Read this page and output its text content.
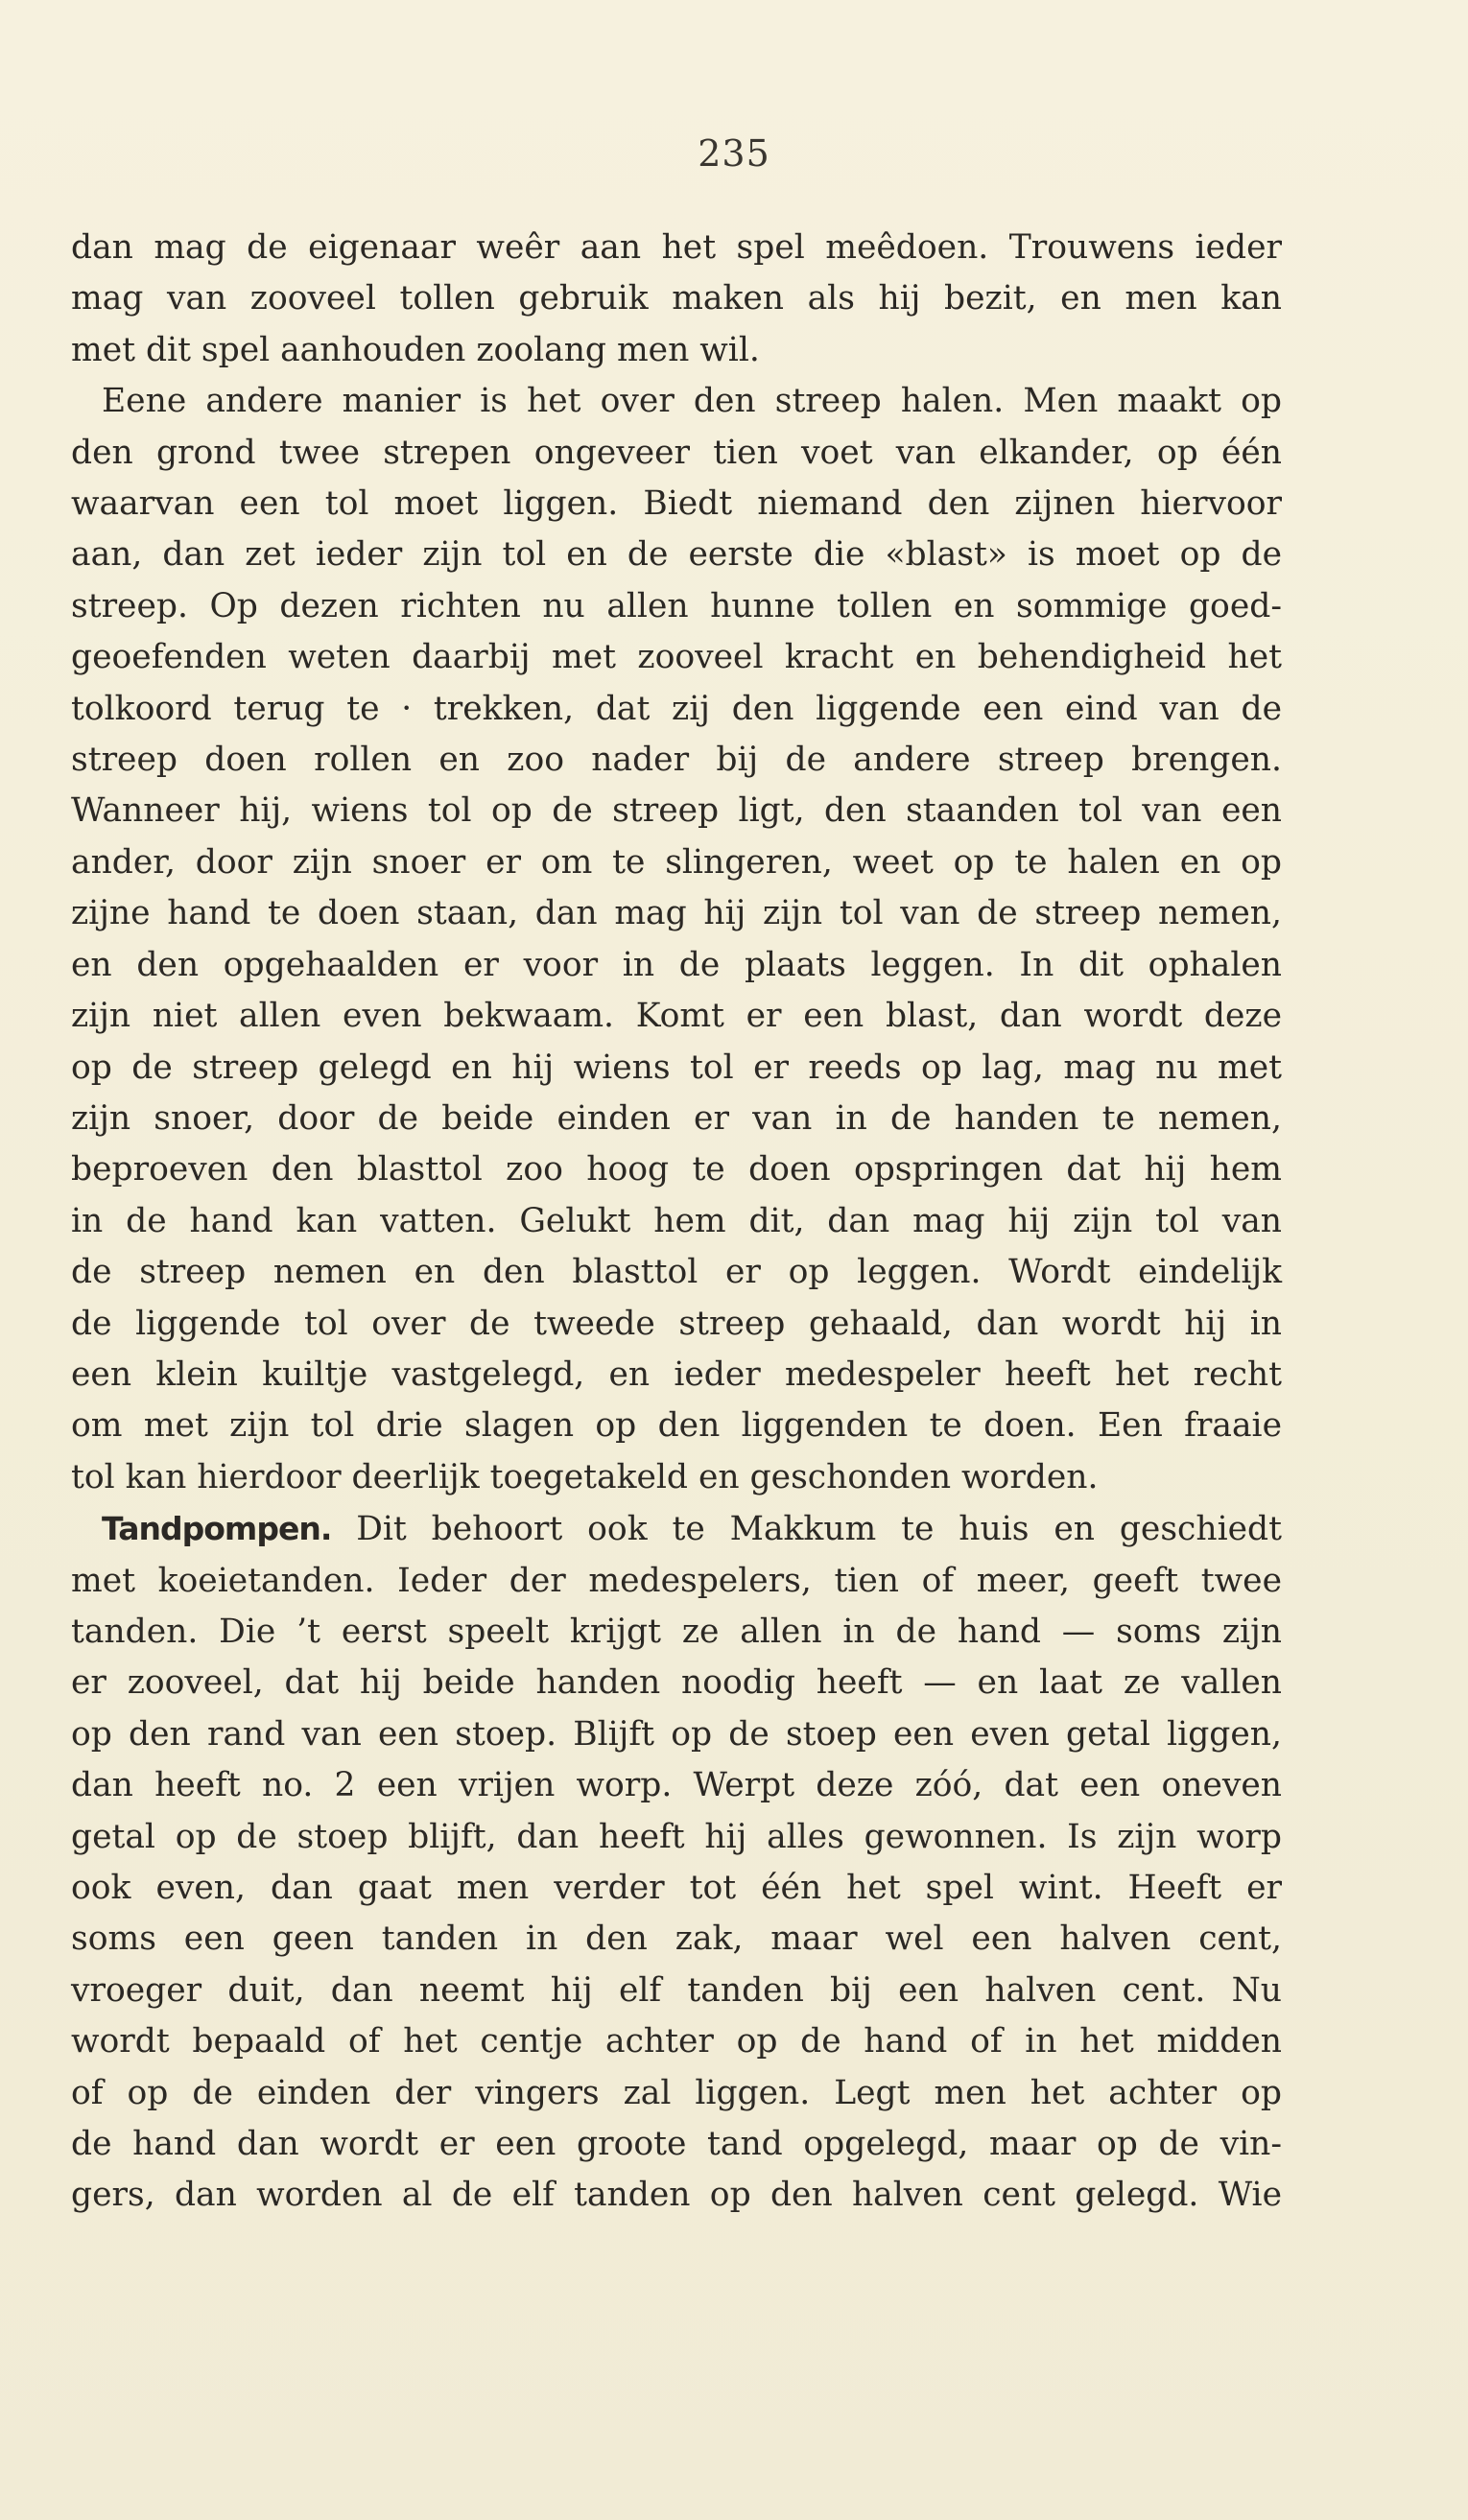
235
dan mag de eigenaar weêr aan het spel meêdoen. Trouwens ieder
mag van zooveel tollen gebruik maken als hij bezit, en men kan
met dit spel aanhouden zoolang men wil.
Eene andere manier is het over den streep halen. Men maakt op
den grond twee strepen ongeveer tien voet van elkander, op één
waarvan een tol moet liggen. Biedt niemand den zijnen hiervoor
aan, dan zet ieder zijn tol en de eerste die «blast» is moet op de
streep. Op dezen richten nu allen hunne tollen en sommige goed-
geoefenden weten daarbij met zooveel kracht en behendigheid het
tolkoord terug te · trekken, dat zij den liggende een eind van de
streep doen rollen en zoo nader bij de andere streep brengen.
Wanneer hij, wiens tol op de streep ligt, den staanden tol van een
ander, door zijn snoer er om te slingeren, weet op te halen en op
zijne hand te doen staan, dan mag hij zijn tol van de streep nemen,
en den opgehaalden er voor in de plaats leggen. In dit ophalen
zijn niet allen even bekwaam. Komt er een blast, dan wordt deze
op de streep gelegd en hij wiens tol er reeds op lag, mag nu met
zijn snoer, door de beide einden er van in de handen te nemen,
beproeven den blasttol zoo hoog te doen opspringen dat hij hem
in de hand kan vatten. Gelukt hem dit, dan mag hij zijn tol van
de streep nemen en den blasttol er op leggen. Wordt eindelijk
de liggende tol over de tweede streep gehaald, dan wordt hij in
een klein kuiltje vastgelegd, en ieder medespeler heeft het recht
om met zijn tol drie slagen op den liggenden te doen. Een fraaie
tol kan hierdoor deerlijk toegetakeld en geschonden worden.
Tandpompen. Dit behoort ook te Makkum te huis en geschiedt
met koeietanden. Ieder der medespelers, tien of meer, geeft twee
tanden. Die ’t eerst speelt krijgt ze allen in de hand — soms zijn
er zooveel, dat hij beide handen noodig heeft — en laat ze vallen
op den rand van een stoep. Blijft op de stoep een even getal liggen,
dan heeft no. 2 een vrijen worp. Werpt deze zóó, dat een oneven
getal op de stoep blijft, dan heeft hij alles gewonnen. Is zijn worp
ook even, dan gaat men verder tot één het spel wint. Heeft er
soms een geen tanden in den zak, maar wel een halven cent,
vroeger duit, dan neemt hij elf tanden bij een halven cent. Nu
wordt bepaald of het centje achter op de hand of in het midden
of op de einden der vingers zal liggen. Legt men het achter op
de hand dan wordt er een groote tand opgelegd, maar op de vin-
gers, dan worden al de elf tanden op den halven cent gelegd. Wie
